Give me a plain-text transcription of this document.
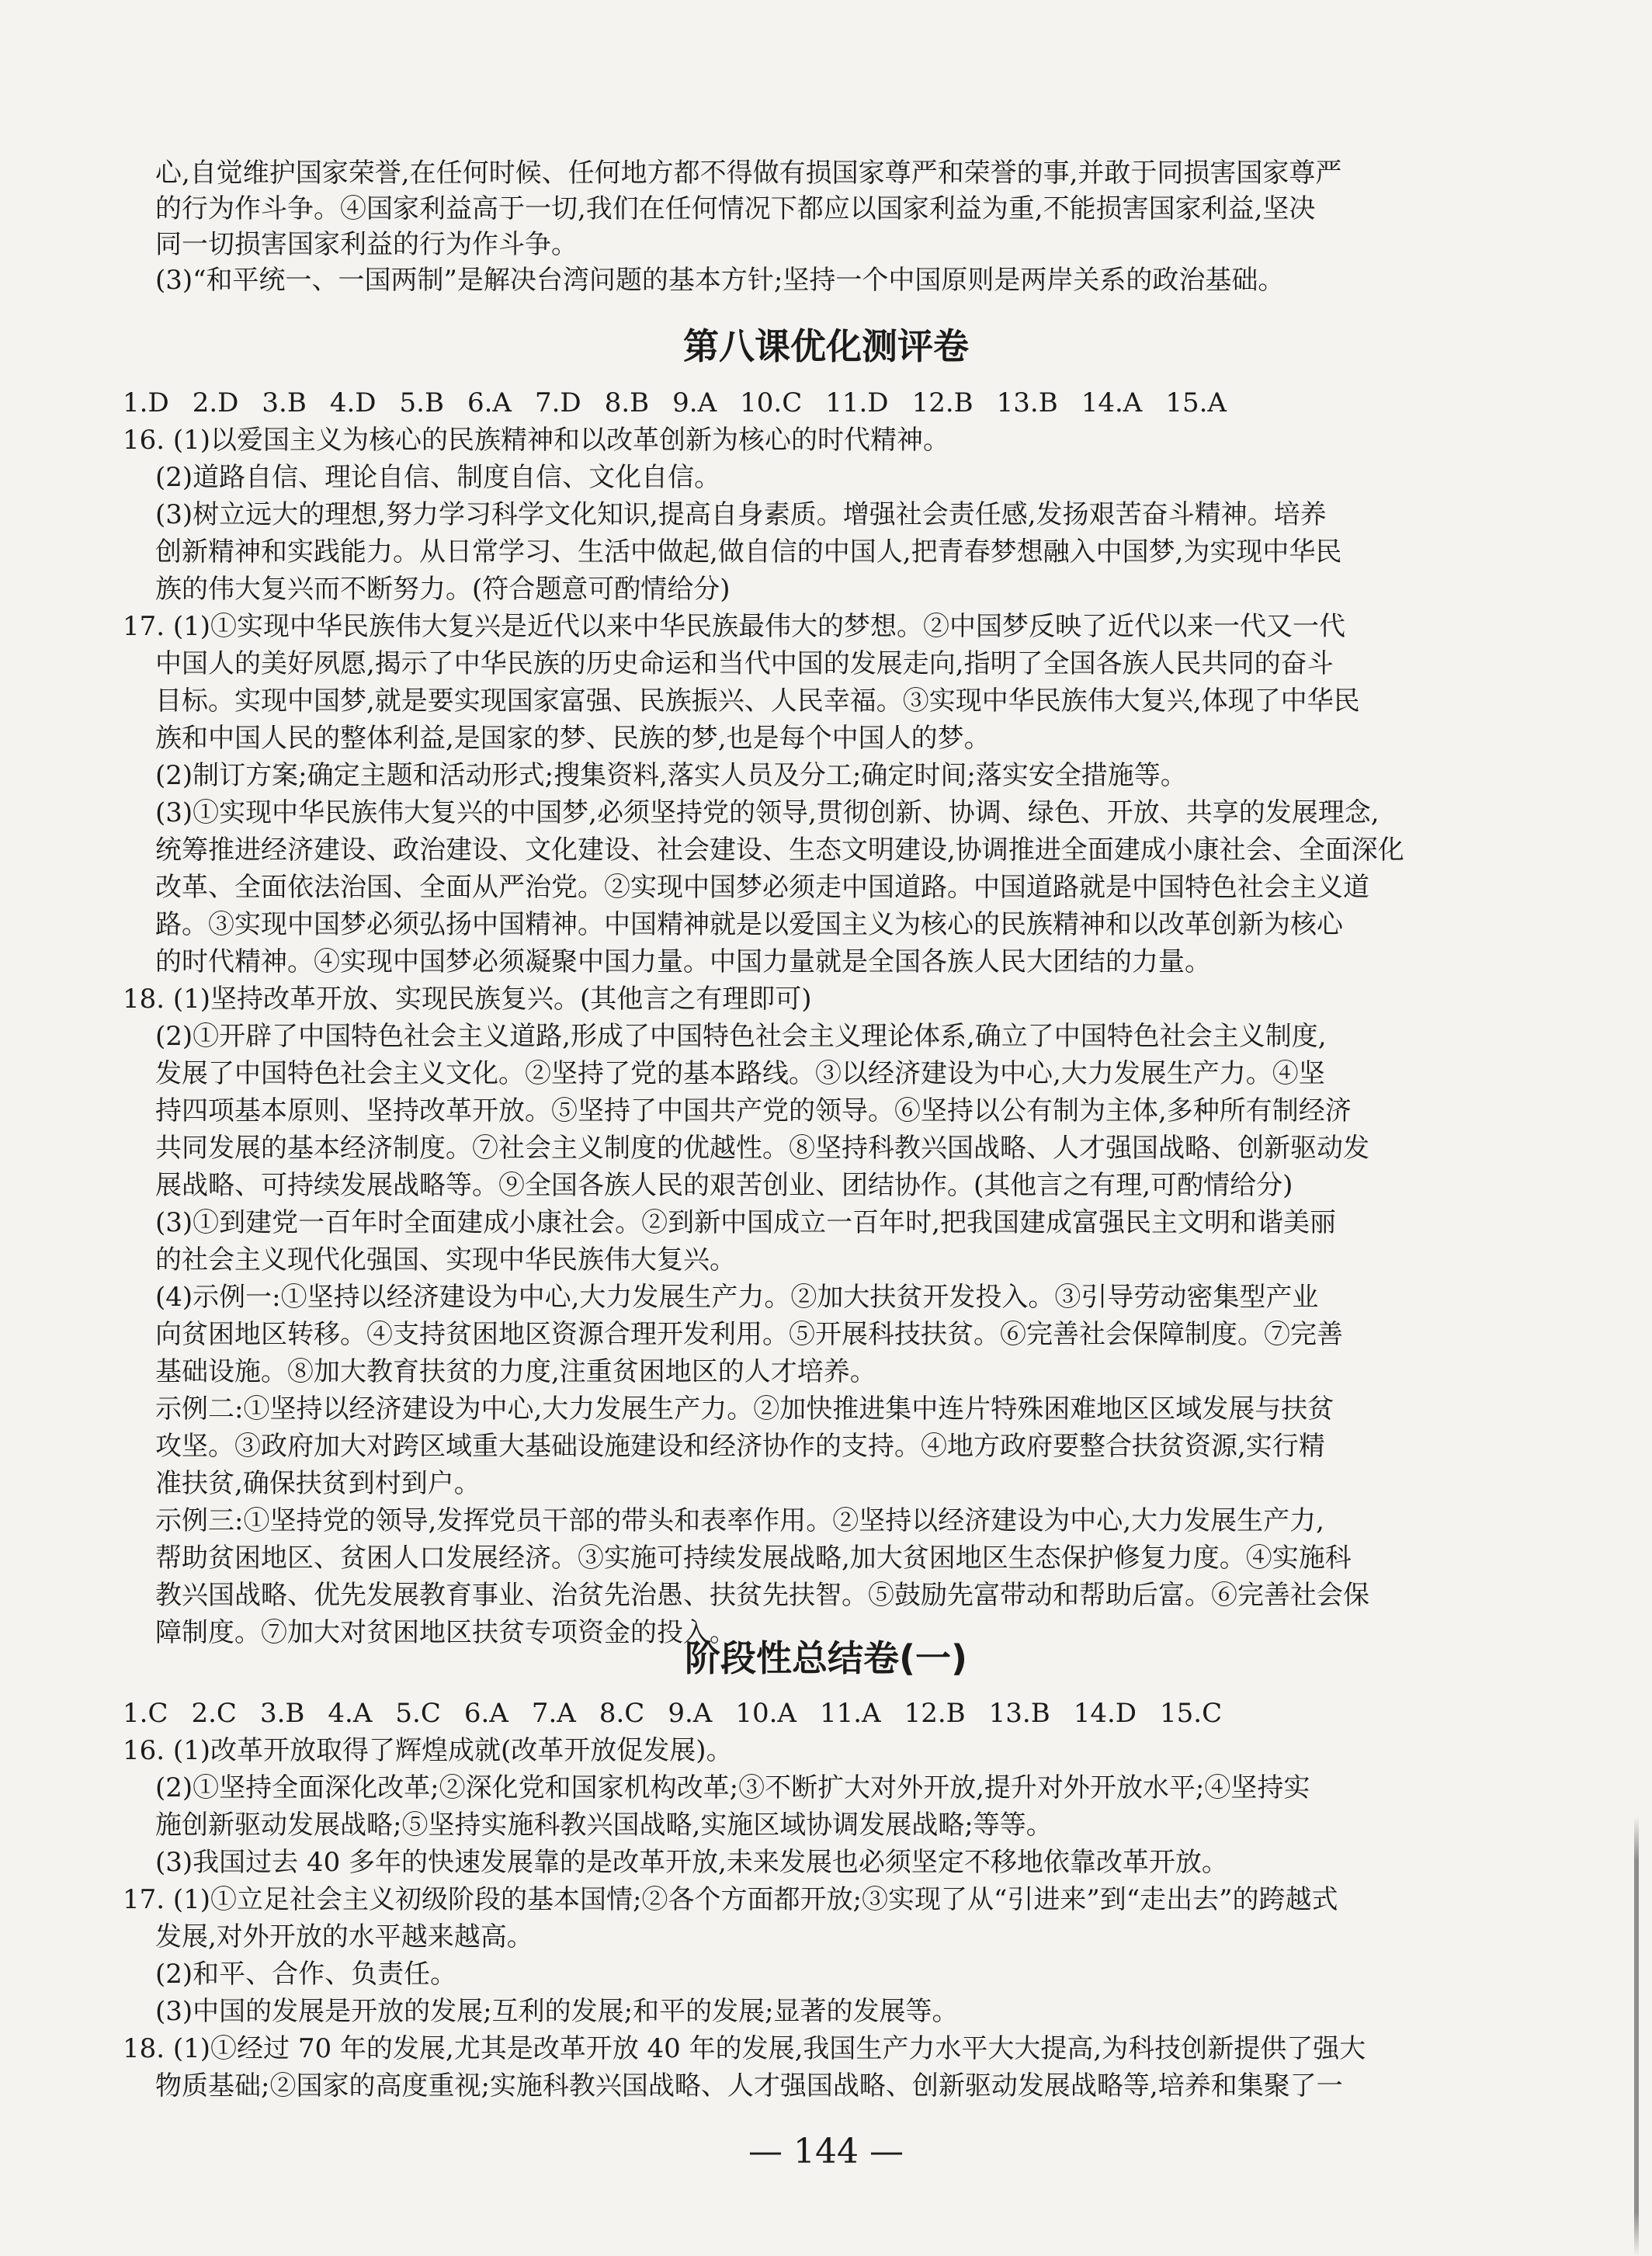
心,自觉维护国家荣誉,在任何时候、任何地方都不得做有损国家尊严和荣誉的事,并敢于同损害国家尊严
的行为作斗争。④国家利益高于一切,我们在任何情况下都应以国家利益为重,不能损害国家利益,坚决
同一切损害国家利益的行为作斗争。
(3)“和平统一、一国两制”是解决台湾问题的基本方针;坚持一个中国原则是两岸关系的政治基础。
第八课优化测评卷
1.D 2.D 3.B 4.D 5.B 6.A 7.D 8.B 9.A 10.C 11.D 12.B 13.B 14.A 15.A
16. (1)以爱国主义为核心的民族精神和以改革创新为核心的时代精神。
(2)道路自信、理论自信、制度自信、文化自信。
(3)树立远大的理想,努力学习科学文化知识,提高自身素质。增强社会责任感,发扬艰苦奋斗精神。培养
创新精神和实践能力。从日常学习、生活中做起,做自信的中国人,把青春梦想融入中国梦,为实现中华民
族的伟大复兴而不断努力。(符合题意可酌情给分)
17. (1)①实现中华民族伟大复兴是近代以来中华民族最伟大的梦想。②中国梦反映了近代以来一代又一代
中国人的美好夙愿,揭示了中华民族的历史命运和当代中国的发展走向,指明了全国各族人民共同的奋斗
目标。实现中国梦,就是要实现国家富强、民族振兴、人民幸福。③实现中华民族伟大复兴,体现了中华民
族和中国人民的整体利益,是国家的梦、民族的梦,也是每个中国人的梦。
(2)制订方案;确定主题和活动形式;搜集资料,落实人员及分工;确定时间;落实安全措施等。
(3)①实现中华民族伟大复兴的中国梦,必须坚持党的领导,贯彻创新、协调、绿色、开放、共享的发展理念,
统筹推进经济建设、政治建设、文化建设、社会建设、生态文明建设,协调推进全面建成小康社会、全面深化
改革、全面依法治国、全面从严治党。②实现中国梦必须走中国道路。中国道路就是中国特色社会主义道
路。③实现中国梦必须弘扬中国精神。中国精神就是以爱国主义为核心的民族精神和以改革创新为核心
的时代精神。④实现中国梦必须凝聚中国力量。中国力量就是全国各族人民大团结的力量。
18. (1)坚持改革开放、实现民族复兴。(其他言之有理即可)
(2)①开辟了中国特色社会主义道路,形成了中国特色社会主义理论体系,确立了中国特色社会主义制度,
发展了中国特色社会主义文化。②坚持了党的基本路线。③以经济建设为中心,大力发展生产力。④坚
持四项基本原则、坚持改革开放。⑤坚持了中国共产党的领导。⑥坚持以公有制为主体,多种所有制经济
共同发展的基本经济制度。⑦社会主义制度的优越性。⑧坚持科教兴国战略、人才强国战略、创新驱动发
展战略、可持续发展战略等。⑨全国各族人民的艰苦创业、团结协作。(其他言之有理,可酌情给分)
(3)①到建党一百年时全面建成小康社会。②到新中国成立一百年时,把我国建成富强民主文明和谐美丽
的社会主义现代化强国、实现中华民族伟大复兴。
(4)示例一:①坚持以经济建设为中心,大力发展生产力。②加大扶贫开发投入。③引导劳动密集型产业
向贫困地区转移。④支持贫困地区资源合理开发利用。⑤开展科技扶贫。⑥完善社会保障制度。⑦完善
基础设施。⑧加大教育扶贫的力度,注重贫困地区的人才培养。
示例二:①坚持以经济建设为中心,大力发展生产力。②加快推进集中连片特殊困难地区区域发展与扶贫
攻坚。③政府加大对跨区域重大基础设施建设和经济协作的支持。④地方政府要整合扶贫资源,实行精
准扶贫,确保扶贫到村到户。
示例三:①坚持党的领导,发挥党员干部的带头和表率作用。②坚持以经济建设为中心,大力发展生产力,
帮助贫困地区、贫困人口发展经济。③实施可持续发展战略,加大贫困地区生态保护修复力度。④实施科
教兴国战略、优先发展教育事业、治贫先治愚、扶贫先扶智。⑤鼓励先富带动和帮助后富。⑥完善社会保
障制度。⑦加大对贫困地区扶贫专项资金的投入。
阶段性总结卷(一)
1.C 2.C 3.B 4.A 5.C 6.A 7.A 8.C 9.A 10.A 11.A 12.B 13.B 14.D 15.C
16. (1)改革开放取得了辉煌成就(改革开放促发展)。
(2)①坚持全面深化改革;②深化党和国家机构改革;③不断扩大对外开放,提升对外开放水平;④坚持实
施创新驱动发展战略;⑤坚持实施科教兴国战略,实施区域协调发展战略;等等。
(3)我国过去 40 多年的快速发展靠的是改革开放,未来发展也必须坚定不移地依靠改革开放。
17. (1)①立足社会主义初级阶段的基本国情;②各个方面都开放;③实现了从“引进来”到“走出去”的跨越式
发展,对外开放的水平越来越高。
(2)和平、合作、负责任。
(3)中国的发展是开放的发展;互利的发展;和平的发展;显著的发展等。
18. (1)①经过 70 年的发展,尤其是改革开放 40 年的发展,我国生产力水平大大提高,为科技创新提供了强大
物质基础;②国家的高度重视;实施科教兴国战略、人才强国战略、创新驱动发展战略等,培养和集聚了一
— 144 —
